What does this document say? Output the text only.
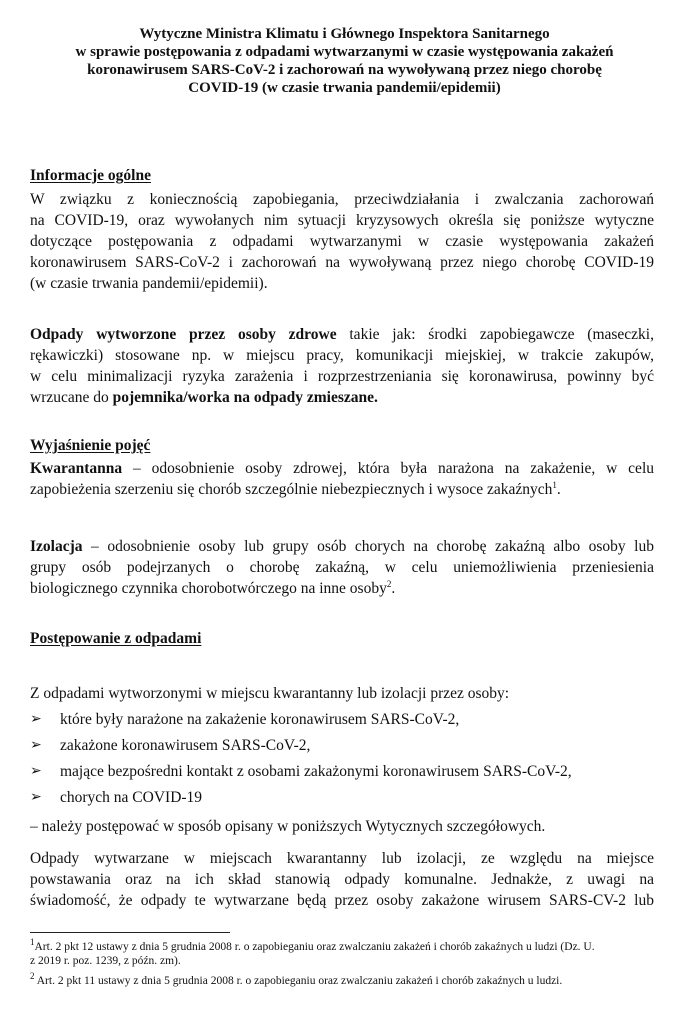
Wytyczne Ministra Klimatu i Głównego Inspektora Sanitarnego
w sprawie postępowania z odpadami wytwarzanymi w czasie występowania zakażeń
koronawirusem SARS-CoV-2 i zachorowań na wywoływaną przez niego chorobę
COVID-19 (w czasie trwania pandemii/epidemii)
Informacje ogólne

W związku z koniecznością zapobiegania, przeciwdziałania i zwalczania zachorowań
na COVID-19, oraz wywołanych nim sytuacji kryzysowych określa się poniższe wytyczne
dotyczące postępowania z odpadami wytwarzanymi w czasie występowania zakażeń
koronawirusem SARS-CoV-2 i zachorowań na wywoływaną przez niego chorobę COVID-19
(w czasie trwania pandemii/epidemii).

Odpady wytworzone przez osoby zdrowe takie jak: środki zapobiegawcze (maseczki,
rękawiczki) stosowane np. w miejscu pracy, komunikacji miejskiej, w trakcie zakupów,
w celu minimalizacji ryzyka zarażenia i rozprzestrzeniania się koronawirusa, powinny być
wrzucane do pojemnika/worka na odpady zmieszane.

Wyjaśnienie pojęć

Kwarantanna – odosobnienie osoby zdrowej, która była narażona na zakażenie, w celu
zapobieżenia szerzeniu się chorób szczególnie niebezpiecznych i wysoce zakaźnych$^1$.

Izolacja – odosobnienie osoby lub grupy osób chorych na chorobę zakaźną albo osoby lub
grupy osób podejrzanych o chorobę zakaźną, w celu uniemożliwienia przeniesienia
biologicznego czynnika chorobotwórczego na inne osoby$^2$.

Postępowanie z odpadami

Z odpadami wytworzonymi w miejscu kwarantanny lub izolacji przez osoby:

➢ które były narażone na zakażenie koronawirusem SARS-CoV-2,
➢ zakażone koronawirusem SARS-CoV-2,
➢ mające bezpośredni kontakt z osobami zakażonymi koronawirusem SARS-CoV-2,
➢ chorych na COVID-19

– należy postępować w sposób opisany w poniższych Wytycznych szczegółowych.

Odpady wytwarzane w miejscach kwarantanny lub izolacji, ze względu na miejsce
powstawania oraz na ich skład stanowią odpady komunalne. Jednakże, z uwagi na
świadomość, że odpady te wytwarzane będą przez osoby zakażone wirusem SARS-CV-2 lub

$^1$Art. 2 pkt 12 ustawy z dnia 5 grudnia 2008 r. o zapobieganiu oraz zwalczaniu zakażeń i chorób zakaźnych u ludzi (Dz. U.
z 2019 r. poz. 1239, z późn. zm).

$^2$ Art. 2 pkt 11 ustawy z dnia 5 grudnia 2008 r. o zapobieganiu oraz zwalczaniu zakażeń i chorób zakaźnych u ludzi.
